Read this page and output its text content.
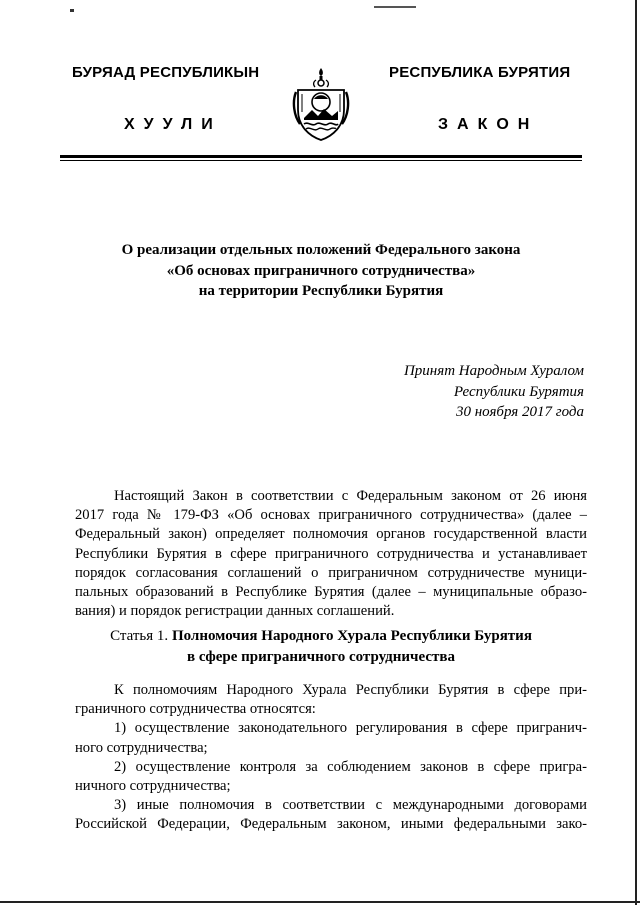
БУРЯАД РЕСПУБЛИКЫН	РЕСПУБЛИКА БУРЯТИЯ
ХУУЛИ	ЗАКОН
О реализации отдельных положений Федерального закона
«Об основах приграничного сотрудничества»
на территории Республики Бурятия
Принят Народным Хуралом
Республики Бурятия
30 ноября 2017 года
Настоящий Закон в соответствии с Федеральным законом от 26 июня
2017 года № 179-ФЗ «Об основах приграничного сотрудничества» (далее –
Федеральный закон) определяет полномочия органов государственной власти
Республики Бурятия в сфере приграничного сотрудничества и устанавливает
порядок согласования соглашений о приграничном сотрудничестве муници-
пальных образований в Республике Бурятия (далее – муниципальные образо-
вания) и порядок регистрации данных соглашений.
Статья 1. Полномочия Народного Хурала Республики Бурятия
в сфере приграничного сотрудничества
К полномочиям Народного Хурала Республики Бурятия в сфере при-
граничного сотрудничества относятся:
1) осуществление законодательного регулирования в сфере пригранич-
ного сотрудничества;
2) осуществление контроля за соблюдением законов в сфере пригра-
ничного сотрудничества;
3) иные полномочия в соответствии с международными договорами
Российской Федерации, Федеральным законом, иными федеральными зако-
